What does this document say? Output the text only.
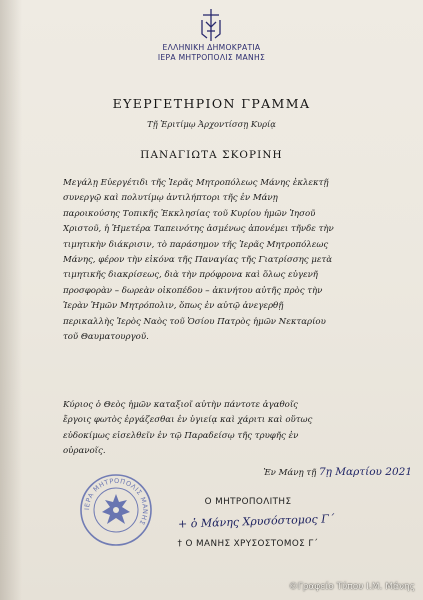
ΕΛΛΗΝΙΚΗ ΔΗΜΟΚΡΑΤΙΑ
ΙΕΡΑ ΜΗΤΡΟΠΟΛΙΣ ΜΑΝΗΣ
ΕΥΕΡΓΕΤΗΡΙΟΝ ΓΡΑΜΜΑ
Τῇ Ἐριτίμῳ Ἀρχοντίσσῃ Κυρίᾳ
ΠΑΝΑΓΙΩΤΑ ΣΚΟΡΙΝΗ
Μεγάλῃ Εὐεργέτιδι τῆς Ἱερᾶς Μητροπόλεως Μάνης ἐκλεκτῇ
συνεργῷ καὶ πολυτίμῳ ἀντιλήπτορι τῆς ἐν Μάνῃ
παροικούσης Τοπικῆς Ἐκκλησίας τοῦ Κυρίου ἡμῶν Ἰησοῦ
Χριστοῦ, ἡ Ἡμετέρα Ταπεινότης ἀσμένως ἀπονέμει τῆνδε τὴν
τιμητικὴν διάκρισιν, τὸ παράσημον τῆς Ἱερᾶς Μητροπόλεως
Μάνης, φέρον τὴν εἰκόνα τῆς Παναγίας τῆς Γιατρίσσης μετὰ
τιμητικῆς διακρίσεως, διὰ τὴν πρόφρονα καὶ ὅλως εὐγενῆ
προσφορὰν – δωρεὰν οἰκοπέδου – ἀκινήτου αὐτῆς πρὸς τὴν
Ἱερὰν Ἡμῶν Μητρόπολιν, ὅπως ἐν αὐτῷ ἀνεγερθῇ
περικαλλὴς Ἱερὸς Ναὸς τοῦ Ὁσίου Πατρὸς ἡμῶν Νεκταρίου
τοῦ Θαυματουργοῦ.
Κύριος ὁ Θεὸς ἡμῶν καταξιοῖ αὐτὴν πάντοτε ἀγαθοῖς
ἔργοις φωτὸς ἐργάζεσθαι ἐν ὑγιείᾳ καὶ χάριτι καὶ οὕτως
εὐδοκίμως εἰσελθεῖν ἐν τῷ Παραδείσῳ τῆς τρυφῆς ἐν
οὐρανοῖς.
Ἐν Μάνῃ τῇ 7ῃ Μαρτίου 2021
ΙΕΡΑ ΜΗΤΡΟΠΟΛΙΣ ΜΑΝΗΣ
Ο ΜΗΤΡΟΠΟΛΙΤΗΣ
+ ὁ Μάνης Χρυσόστομος Γ΄
† Ο ΜΑΝΗΣ ΧΡΥΣΟΣΤΟΜΟΣ Γ΄
©Γραφείο Τύπου Ι.Μ. Μάνης
